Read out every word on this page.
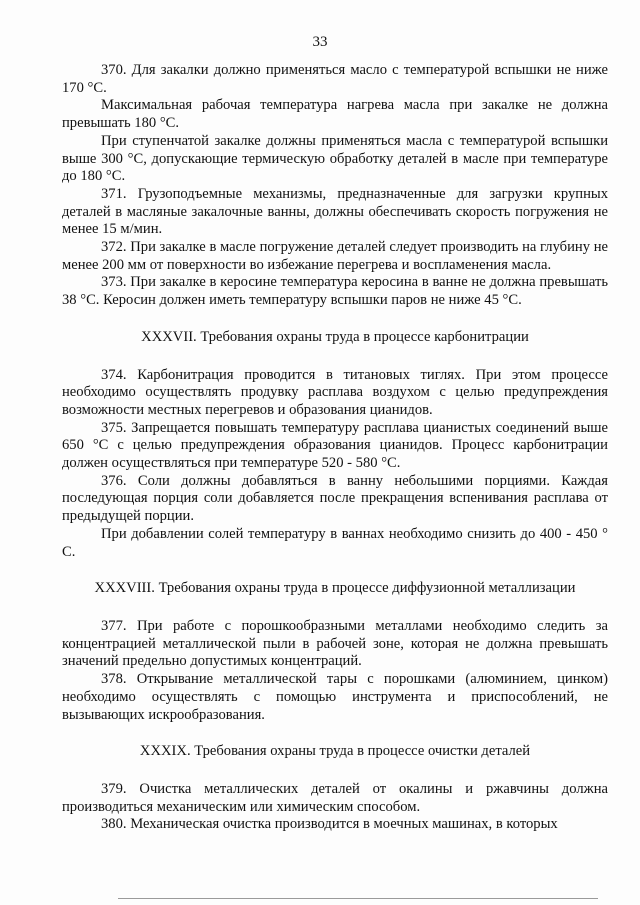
33

370. Для закалки должно применяться масло с температурой вспышки не ниже 170 °С.

Максимальная рабочая температура нагрева масла при закалке не должна превышать 180 °С.

При ступенчатой закалке должны применяться масла с температурой вспышки выше 300 °С, допускающие термическую обработку деталей в масле при температуре до 180 °С.

371. Грузоподъемные механизмы, предназначенные для загрузки крупных деталей в масляные закалочные ванны, должны обеспечивать скорость погружения не менее 15 м/мин.

372. При закалке в масле погружение деталей следует производить на глубину не менее 200 мм от поверхности во избежание перегрева и воспламенения масла.

373. При закалке в керосине температура керосина в ванне не должна превышать 38 °С. Керосин должен иметь температуру вспышки паров не ниже 45 °С.

XXXVII. Требования охраны труда в процессе карбонитрации

374. Карбонитрация проводится в титановых тиглях. При этом процессе необходимо осуществлять продувку расплава воздухом с целью предупреждения возможности местных перегревов и образования цианидов.

375. Запрещается повышать температуру расплава цианистых соединений выше 650 °С с целью предупреждения образования цианидов. Процесс карбонитрации должен осуществляться при температуре 520 - 580 °С.

376. Соли должны добавляться в ванну небольшими порциями. Каждая последующая порция соли добавляется после прекращения вспенивания расплава от предыдущей порции.

При добавлении солей температуру в ваннах необходимо снизить до 400 - 450 ° С.

XXXVIII. Требования охраны труда в процессе диффузионной металлизации

377. При работе с порошкообразными металлами необходимо следить за концентрацией металлической пыли в рабочей зоне, которая не должна превышать значений предельно допустимых концентраций.

378. Открывание металлической тары с порошками (алюминием, цинком) необходимо осуществлять с помощью инструмента и приспособлений, не вызывающих искрообразования.

XXXIX. Требования охраны труда в процессе очистки деталей

379. Очистка металлических деталей от окалины и ржавчины должна производиться механическим или химическим способом.

380. Механическая очистка производится в моечных машинах, в которых
